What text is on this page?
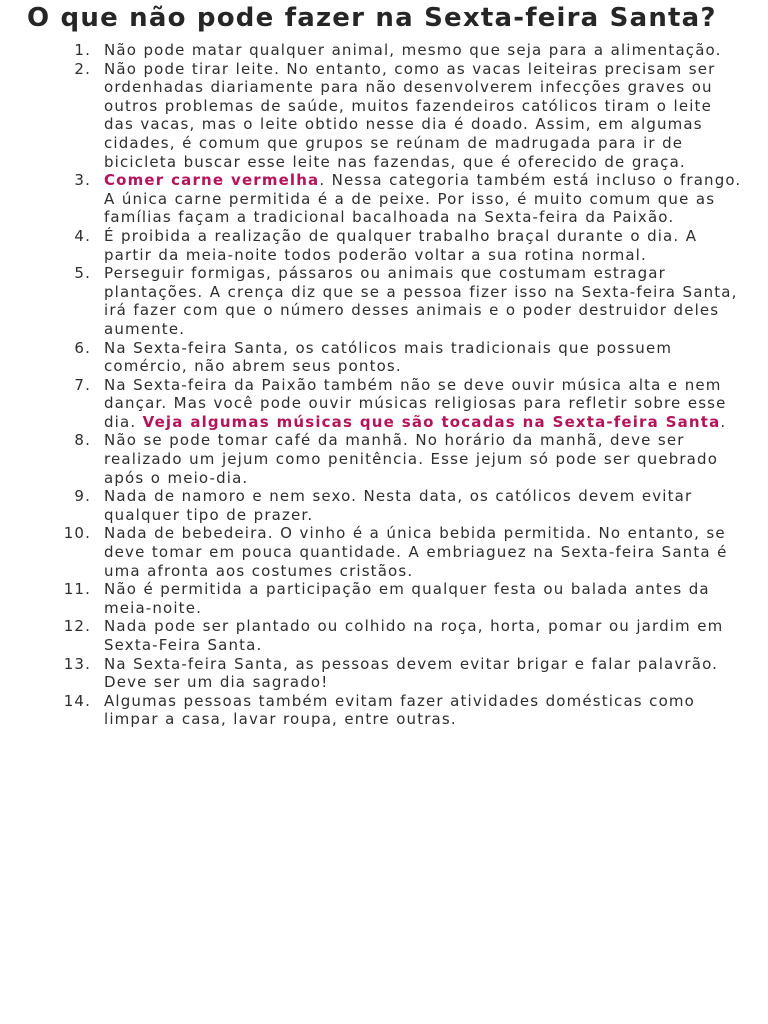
O que não pode fazer na Sexta-feira Santa?
1. Não pode matar qualquer animal, mesmo que seja para a alimentação.
2. Não pode tirar leite. No entanto, como as vacas leiteiras precisam ser ordenhadas diariamente para não desenvolverem infecções graves ou outros problemas de saúde, muitos fazendeiros católicos tiram o leite das vacas, mas o leite obtido nesse dia é doado. Assim, em algumas cidades, é comum que grupos se reúnam de madrugada para ir de bicicleta buscar esse leite nas fazendas, que é oferecido de graça.
3. Comer carne vermelha. Nessa categoria também está incluso o frango. A única carne permitida é a de peixe. Por isso, é muito comum que as famílias façam a tradicional bacalhoada na Sexta-feira da Paixão.
4. É proibida a realização de qualquer trabalho braçal durante o dia. A partir da meia-noite todos poderão voltar a sua rotina normal.
5. Perseguir formigas, pássaros ou animais que costumam estragar plantações. A crença diz que se a pessoa fizer isso na Sexta-feira Santa, irá fazer com que o número desses animais e o poder destruidor deles aumente.
6. Na Sexta-feira Santa, os católicos mais tradicionais que possuem comércio, não abrem seus pontos.
7. Na Sexta-feira da Paixão também não se deve ouvir música alta e nem dançar. Mas você pode ouvir músicas religiosas para refletir sobre esse dia. Veja algumas músicas que são tocadas na Sexta-feira Santa.
8. Não se pode tomar café da manhã. No horário da manhã, deve ser realizado um jejum como penitência. Esse jejum só pode ser quebrado após o meio-dia.
9. Nada de namoro e nem sexo. Nesta data, os católicos devem evitar qualquer tipo de prazer.
10. Nada de bebedeira. O vinho é a única bebida permitida. No entanto, se deve tomar em pouca quantidade. A embriaguez na Sexta-feira Santa é uma afronta aos costumes cristãos.
11. Não é permitida a participação em qualquer festa ou balada antes da meia-noite.
12. Nada pode ser plantado ou colhido na roça, horta, pomar ou jardim em Sexta-Feira Santa.
13. Na Sexta-feira Santa, as pessoas devem evitar brigar e falar palavrão. Deve ser um dia sagrado!
14. Algumas pessoas também evitam fazer atividades domésticas como limpar a casa, lavar roupa, entre outras.
